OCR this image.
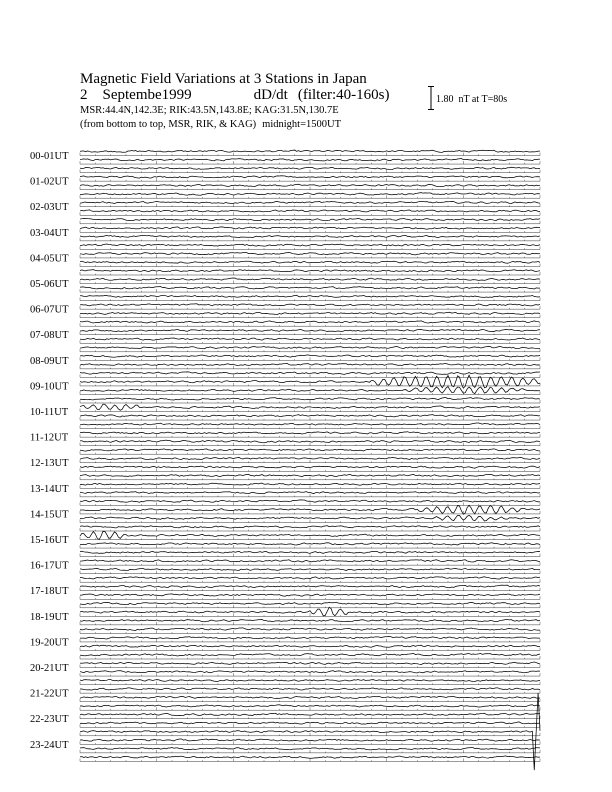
Magnetic Field Variations at 3 Stations in Japan
2    Septembe1999	dD/dt (filter:40-160s)
MSR:44.4N,142.3E; RIK:43.5N,143.8E; KAG:31.5N,130.7E
(from bottom to top, MSR, RIK, & KAG) midnight=1500UT
1.80  nT at T=80s
00-01UT
01-02UT
02-03UT
03-04UT
04-05UT
05-06UT
06-07UT
07-08UT
08-09UT
09-10UT
10-11UT
11-12UT
12-13UT
13-14UT
14-15UT
15-16UT
16-17UT
17-18UT
18-19UT
19-20UT
20-21UT
21-22UT
22-23UT
23-24UT
